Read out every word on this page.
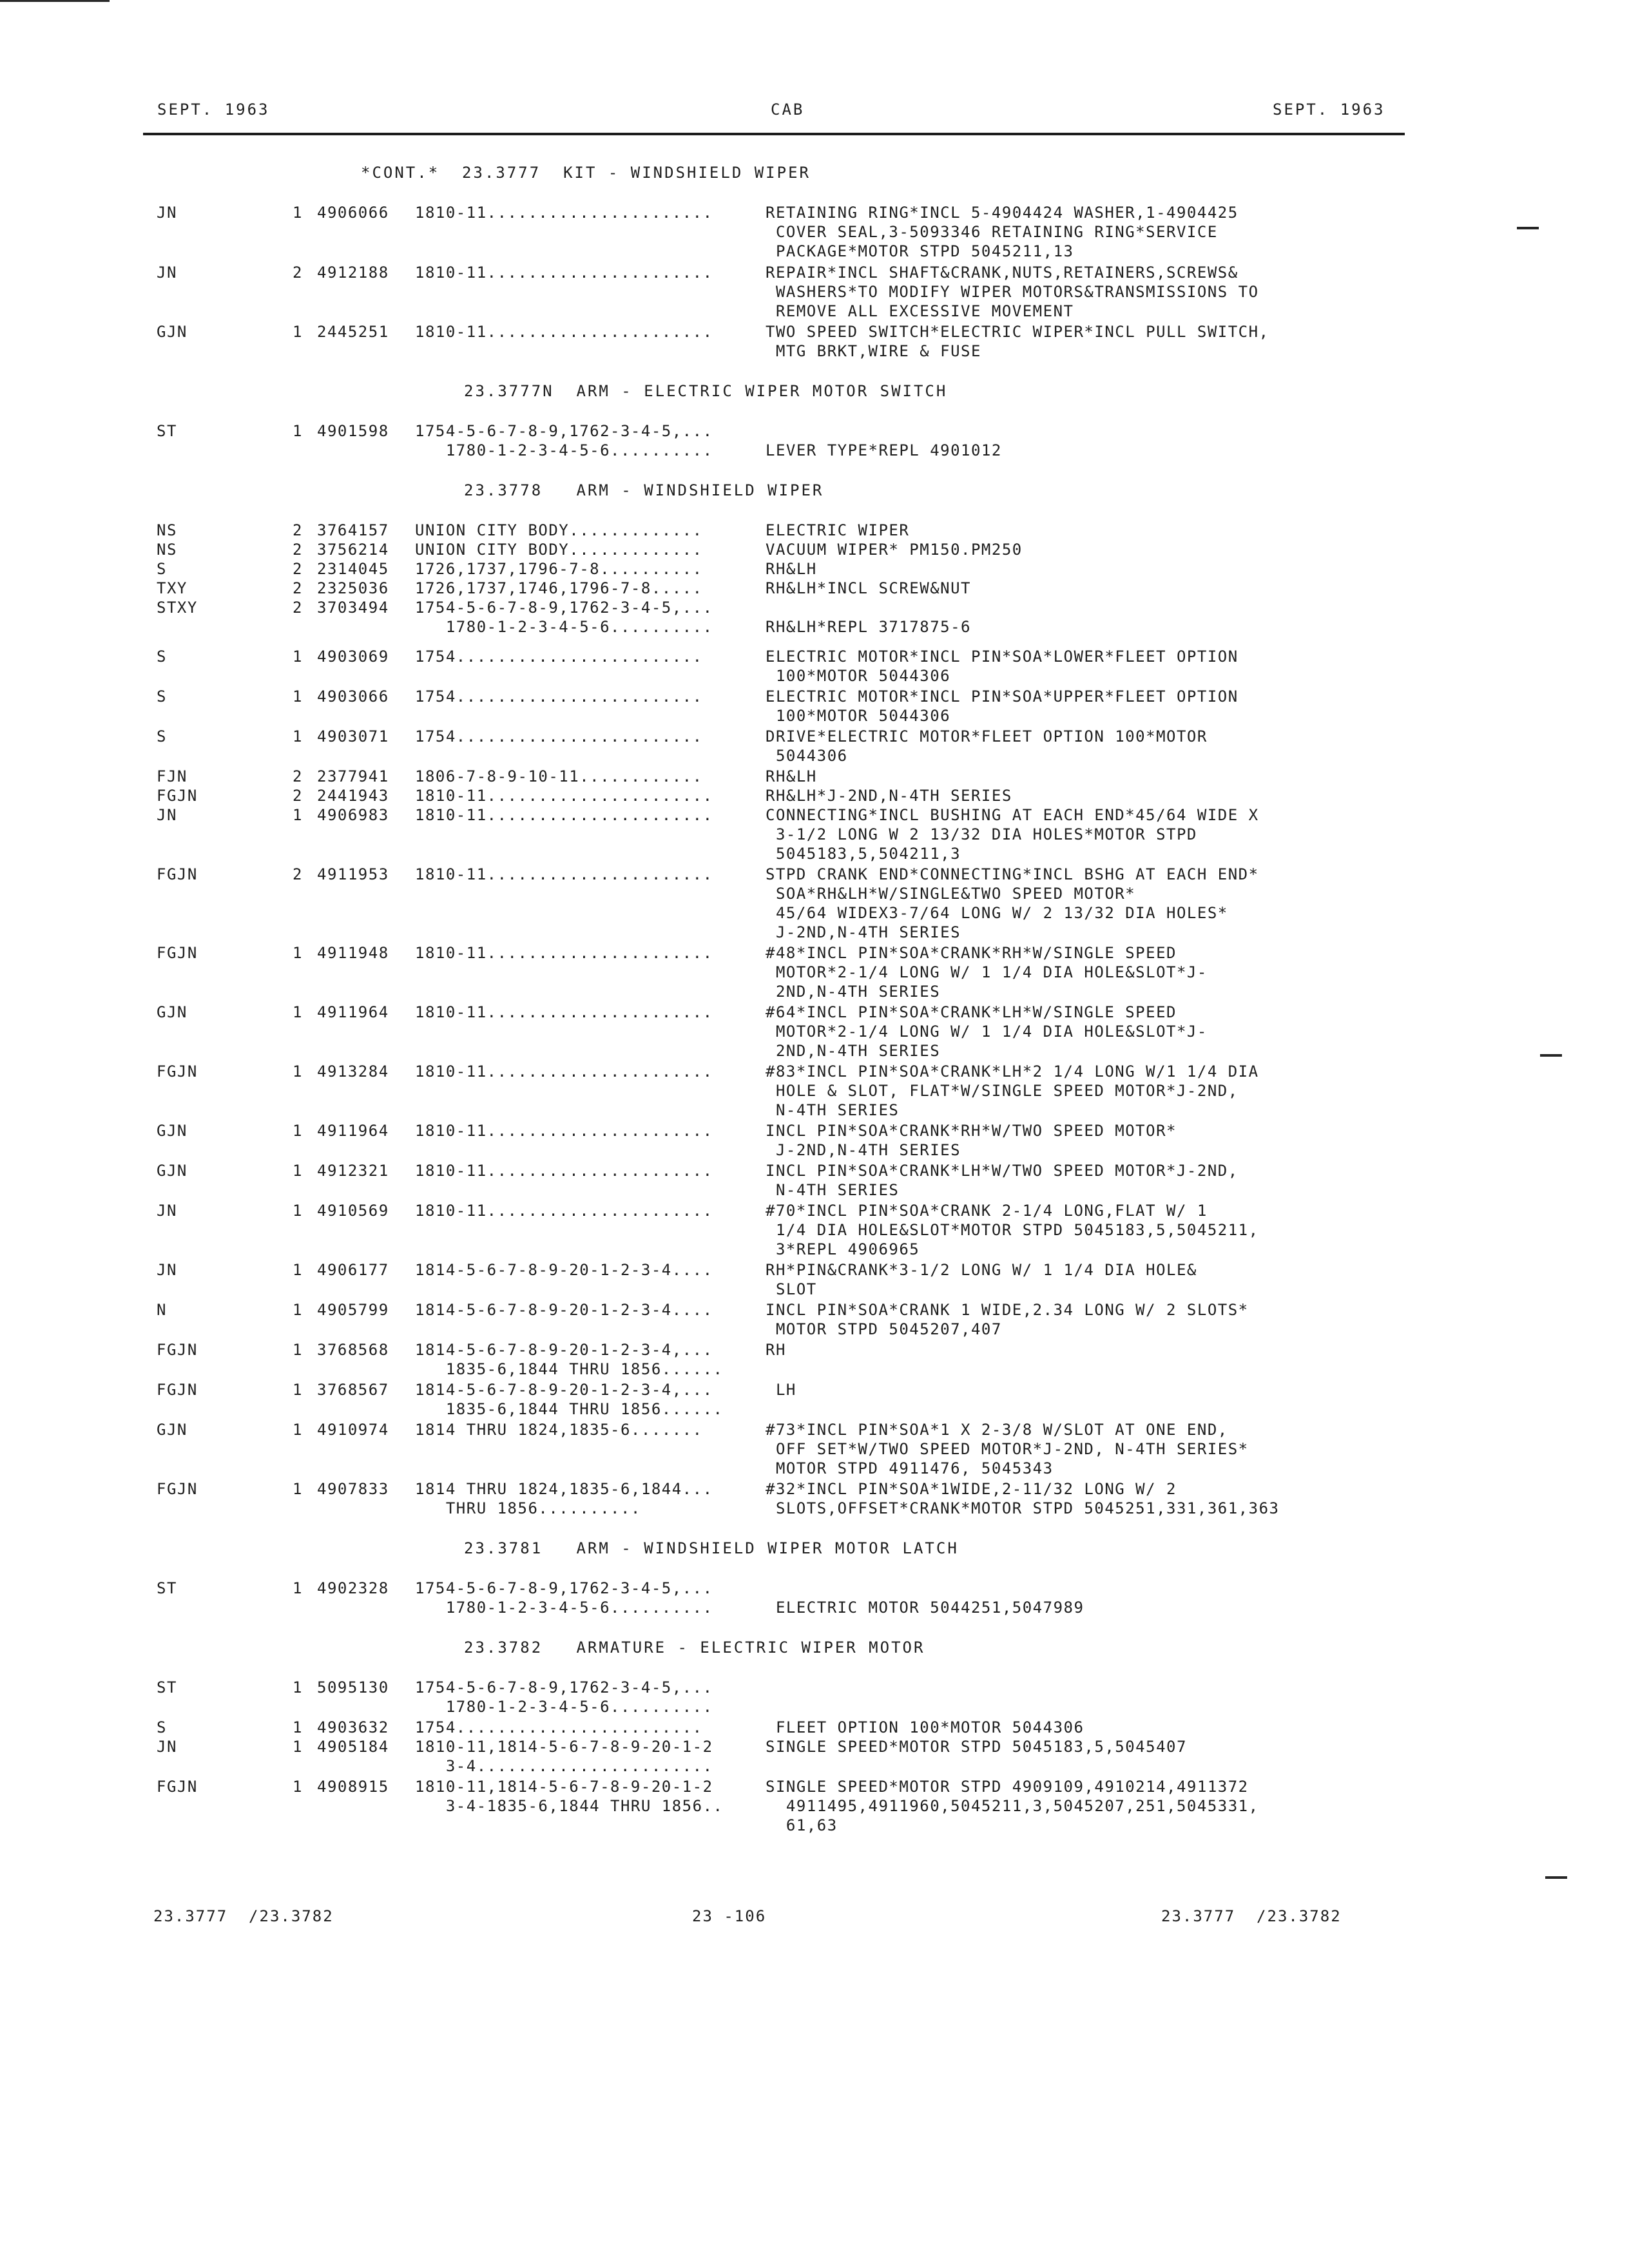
SEPT. 1963	CAB	SEPT. 1963
*CONT.*  23.3777  KIT - WINDSHIELD WIPER
JN	1 4906066 1810-11......................	RETAINING RING*INCL 5-4904424 WASHER,1-4904425
COVER SEAL,3-5093346 RETAINING RING*SERVICE
PACKAGE*MOTOR STPD 5045211,13
JN	2 4912188 1810-11......................	REPAIR*INCL SHAFT&CRANK,NUTS,RETAINERS,SCREWS&
WASHERS*TO MODIFY WIPER MOTORS&TRANSMISSIONS TO
REMOVE ALL EXCESSIVE MOVEMENT
GJN	1 2445251 1810-11......................	TWO SPEED SWITCH*ELECTRIC WIPER*INCL PULL SWITCH,
MTG BRKT,WIRE & FUSE
23.3777N  ARM - ELECTRIC WIPER MOTOR SWITCH
ST	1 4901598 1754-5-6-7-8-9,1762-3-4-5,...
1780-1-2-3-4-5-6..........	LEVER TYPE*REPL 4901012
23.3778   ARM - WINDSHIELD WIPER
NS	2 3764157 UNION CITY BODY.............	ELECTRIC WIPER
NS	2 3756214 UNION CITY BODY.............	VACUUM WIPER* PM150.PM250
S	2 2314045 1726,1737,1796-7-8..........	RH&LH
TXY	2 2325036 1726,1737,1746,1796-7-8.....	RH&LH*INCL SCREW&NUT
STXY	2 3703494 1754-5-6-7-8-9,1762-3-4-5,...
1780-1-2-3-4-5-6..........	RH&LH*REPL 3717875-6
S	1 4903069 1754........................	ELECTRIC MOTOR*INCL PIN*SOA*LOWER*FLEET OPTION
100*MOTOR 5044306
S	1 4903066 1754........................	ELECTRIC MOTOR*INCL PIN*SOA*UPPER*FLEET OPTION
100*MOTOR 5044306
S	1 4903071 1754........................	DRIVE*ELECTRIC MOTOR*FLEET OPTION 100*MOTOR
5044306
FJN	2 2377941 1806-7-8-9-10-11............	RH&LH
FGJN	2 2441943 1810-11......................	RH&LH*J-2ND,N-4TH SERIES
JN	1 4906983 1810-11......................	CONNECTING*INCL BUSHING AT EACH END*45/64 WIDE X
3-1/2 LONG W 2 13/32 DIA HOLES*MOTOR STPD
5045183,5,504211,3
FGJN	2 4911953 1810-11......................	STPD CRANK END*CONNECTING*INCL BSHG AT EACH END*
SOA*RH&LH*W/SINGLE&TWO SPEED MOTOR*
45/64 WIDEX3-7/64 LONG W/ 2 13/32 DIA HOLES*
J-2ND,N-4TH SERIES
FGJN	1 4911948 1810-11......................	#48*INCL PIN*SOA*CRANK*RH*W/SINGLE SPEED
MOTOR*2-1/4 LONG W/ 1 1/4 DIA HOLE&SLOT*J-
2ND,N-4TH SERIES
GJN	1 4911964 1810-11......................	#64*INCL PIN*SOA*CRANK*LH*W/SINGLE SPEED
MOTOR*2-1/4 LONG W/ 1 1/4 DIA HOLE&SLOT*J-
2ND,N-4TH SERIES
FGJN	1 4913284 1810-11......................	#83*INCL PIN*SOA*CRANK*LH*2 1/4 LONG W/1 1/4 DIA
HOLE & SLOT, FLAT*W/SINGLE SPEED MOTOR*J-2ND,
N-4TH SERIES
GJN	1 4911964 1810-11......................	INCL PIN*SOA*CRANK*RH*W/TWO SPEED MOTOR*
J-2ND,N-4TH SERIES
GJN	1 4912321 1810-11......................	INCL PIN*SOA*CRANK*LH*W/TWO SPEED MOTOR*J-2ND,
N-4TH SERIES
JN	1 4910569 1810-11......................	#70*INCL PIN*SOA*CRANK 2-1/4 LONG,FLAT W/ 1
1/4 DIA HOLE&SLOT*MOTOR STPD 5045183,5,5045211,
3*REPL 4906965
JN	1 4906177 1814-5-6-7-8-9-20-1-2-3-4....	RH*PIN&CRANK*3-1/2 LONG W/ 1 1/4 DIA HOLE&
SLOT
N	1 4905799 1814-5-6-7-8-9-20-1-2-3-4....	INCL PIN*SOA*CRANK 1 WIDE,2.34 LONG W/ 2 SLOTS*
MOTOR STPD 5045207,407
FGJN	1 3768568 1814-5-6-7-8-9-20-1-2-3-4,...	RH
1835-6,1844 THRU 1856......
FGJN	1 3768567 1814-5-6-7-8-9-20-1-2-3-4,...	LH
1835-6,1844 THRU 1856......
GJN	1 4910974 1814 THRU 1824,1835-6.......	#73*INCL PIN*SOA*1 X 2-3/8 W/SLOT AT ONE END,
OFF SET*W/TWO SPEED MOTOR*J-2ND, N-4TH SERIES*
MOTOR STPD 4911476, 5045343
FGJN	1 4907833 1814 THRU 1824,1835-6,1844...	#32*INCL PIN*SOA*1WIDE,2-11/32 LONG W/ 2
THRU 1856..........	SLOTS,OFFSET*CRANK*MOTOR STPD 5045251,331,361,363
23.3781   ARM - WINDSHIELD WIPER MOTOR LATCH
ST	1 4902328 1754-5-6-7-8-9,1762-3-4-5,...
1780-1-2-3-4-5-6..........	ELECTRIC MOTOR 5044251,5047989
23.3782   ARMATURE - ELECTRIC WIPER MOTOR
ST	1 5095130 1754-5-6-7-8-9,1762-3-4-5,...
1780-1-2-3-4-5-6..........
S	1 4903632 1754........................	FLEET OPTION 100*MOTOR 5044306
JN	1 4905184 1810-11,1814-5-6-7-8-9-20-1-2	SINGLE SPEED*MOTOR STPD 5045183,5,5045407
3-4.......................
FGJN	1 4908915 1810-11,1814-5-6-7-8-9-20-1-2	SINGLE SPEED*MOTOR STPD 4909109,4910214,4911372
3-4-1835-6,1844 THRU 1856..	4911495,4911960,5045211,3,5045207,251,5045331,
61,63
23.3777  /23.3782	23 -106	23.3777  /23.3782
